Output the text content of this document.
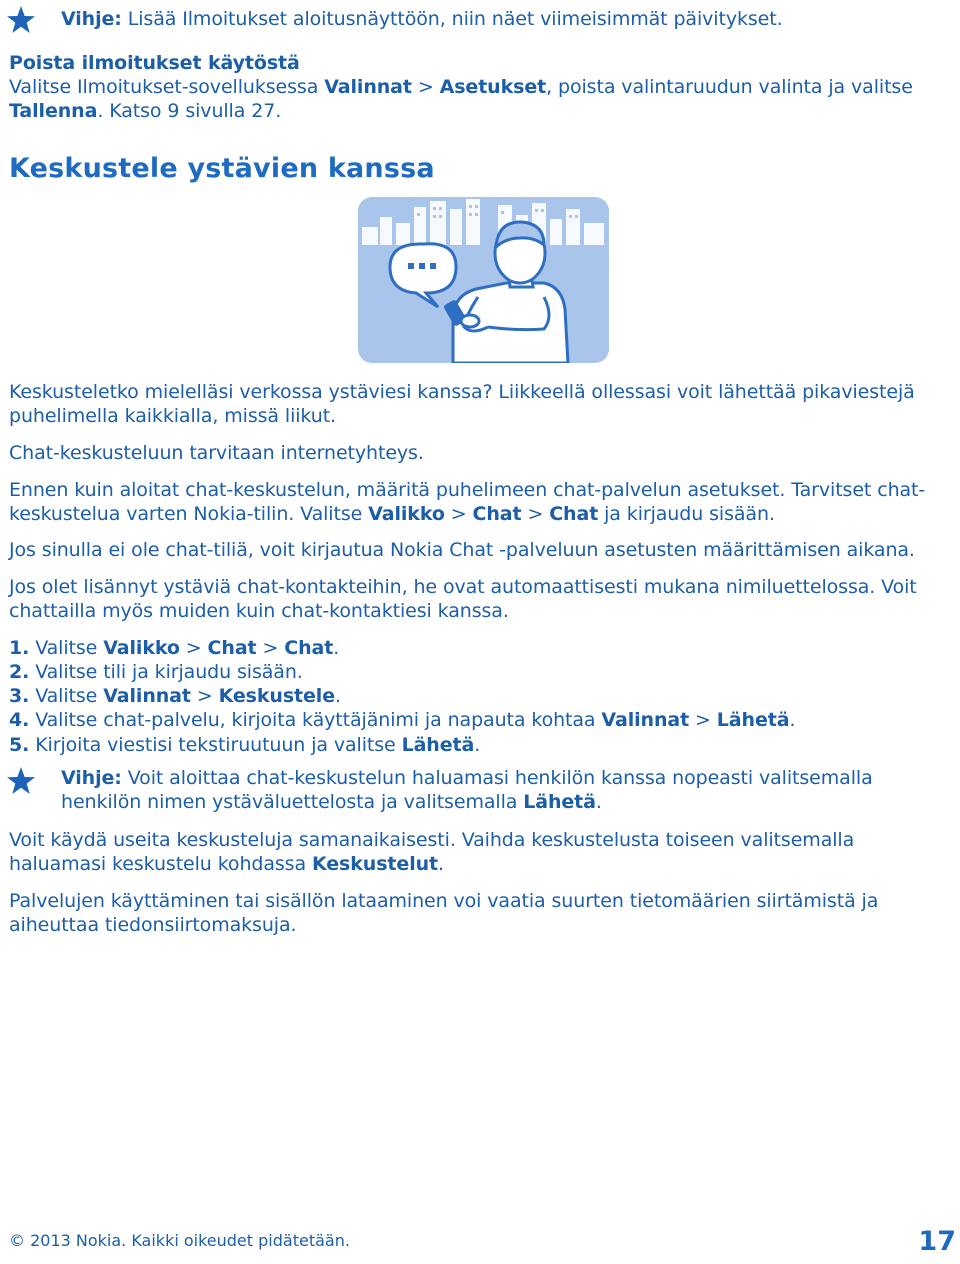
Vihje: Lisää Ilmoitukset aloitusnäyttöön, niin näet viimeisimmät päivitykset.

Poista ilmoitukset käytöstä

Valitse Ilmoitukset-sovelluksessa Valinnat > Asetukset, poista valintaruudun valinta ja valitse Tallenna. Katso 9 sivulla 27.

Keskustele ystävien kanssa

Keskusteletko mielelläsi verkossa ystäviesi kanssa? Liikkeellä ollessasi voit lähettää pikaviestejä puhelimella kaikkialla, missä liikut.

Chat-keskusteluun tarvitaan internetyhteys.

Ennen kuin aloitat chat-keskustelun, määritä puhelimeen chat-palvelun asetukset. Tarvitset chat-keskustelua varten Nokia-tilin. Valitse Valikko > Chat > Chat ja kirjaudu sisään.

Jos sinulla ei ole chat-tiliä, voit kirjautua Nokia Chat -palveluun asetusten määrittämisen aikana.

Jos olet lisännyt ystäviä chat-kontakteihin, he ovat automaattisesti mukana nimiluettelossa. Voit chattailla myös muiden kuin chat-kontaktiesi kanssa.

1. Valitse Valikko > Chat > Chat.

2. Valitse tili ja kirjaudu sisään.

3. Valitse Valinnat > Keskustele.

4. Valitse chat-palvelu, kirjoita käyttäjänimi ja napauta kohtaa Valinnat > Lähetä.

5. Kirjoita viestisi tekstiruutuun ja valitse Lähetä.

Vihje: Voit aloittaa chat-keskustelun haluamasi henkilön kanssa nopeasti valitsemalla henkilön nimen ystäväluettelosta ja valitsemalla Lähetä.

Voit käydä useita keskusteluja samanaikaisesti. Vaihda keskustelusta toiseen valitsemalla haluamasi keskustelu kohdassa Keskustelut.

Palvelujen käyttäminen tai sisällön lataaminen voi vaatia suurten tietomäärien siirtämistä ja aiheuttaa tiedonsiirtomaksuja.

© 2013 Nokia. Kaikki oikeudet pidätetään.	17
